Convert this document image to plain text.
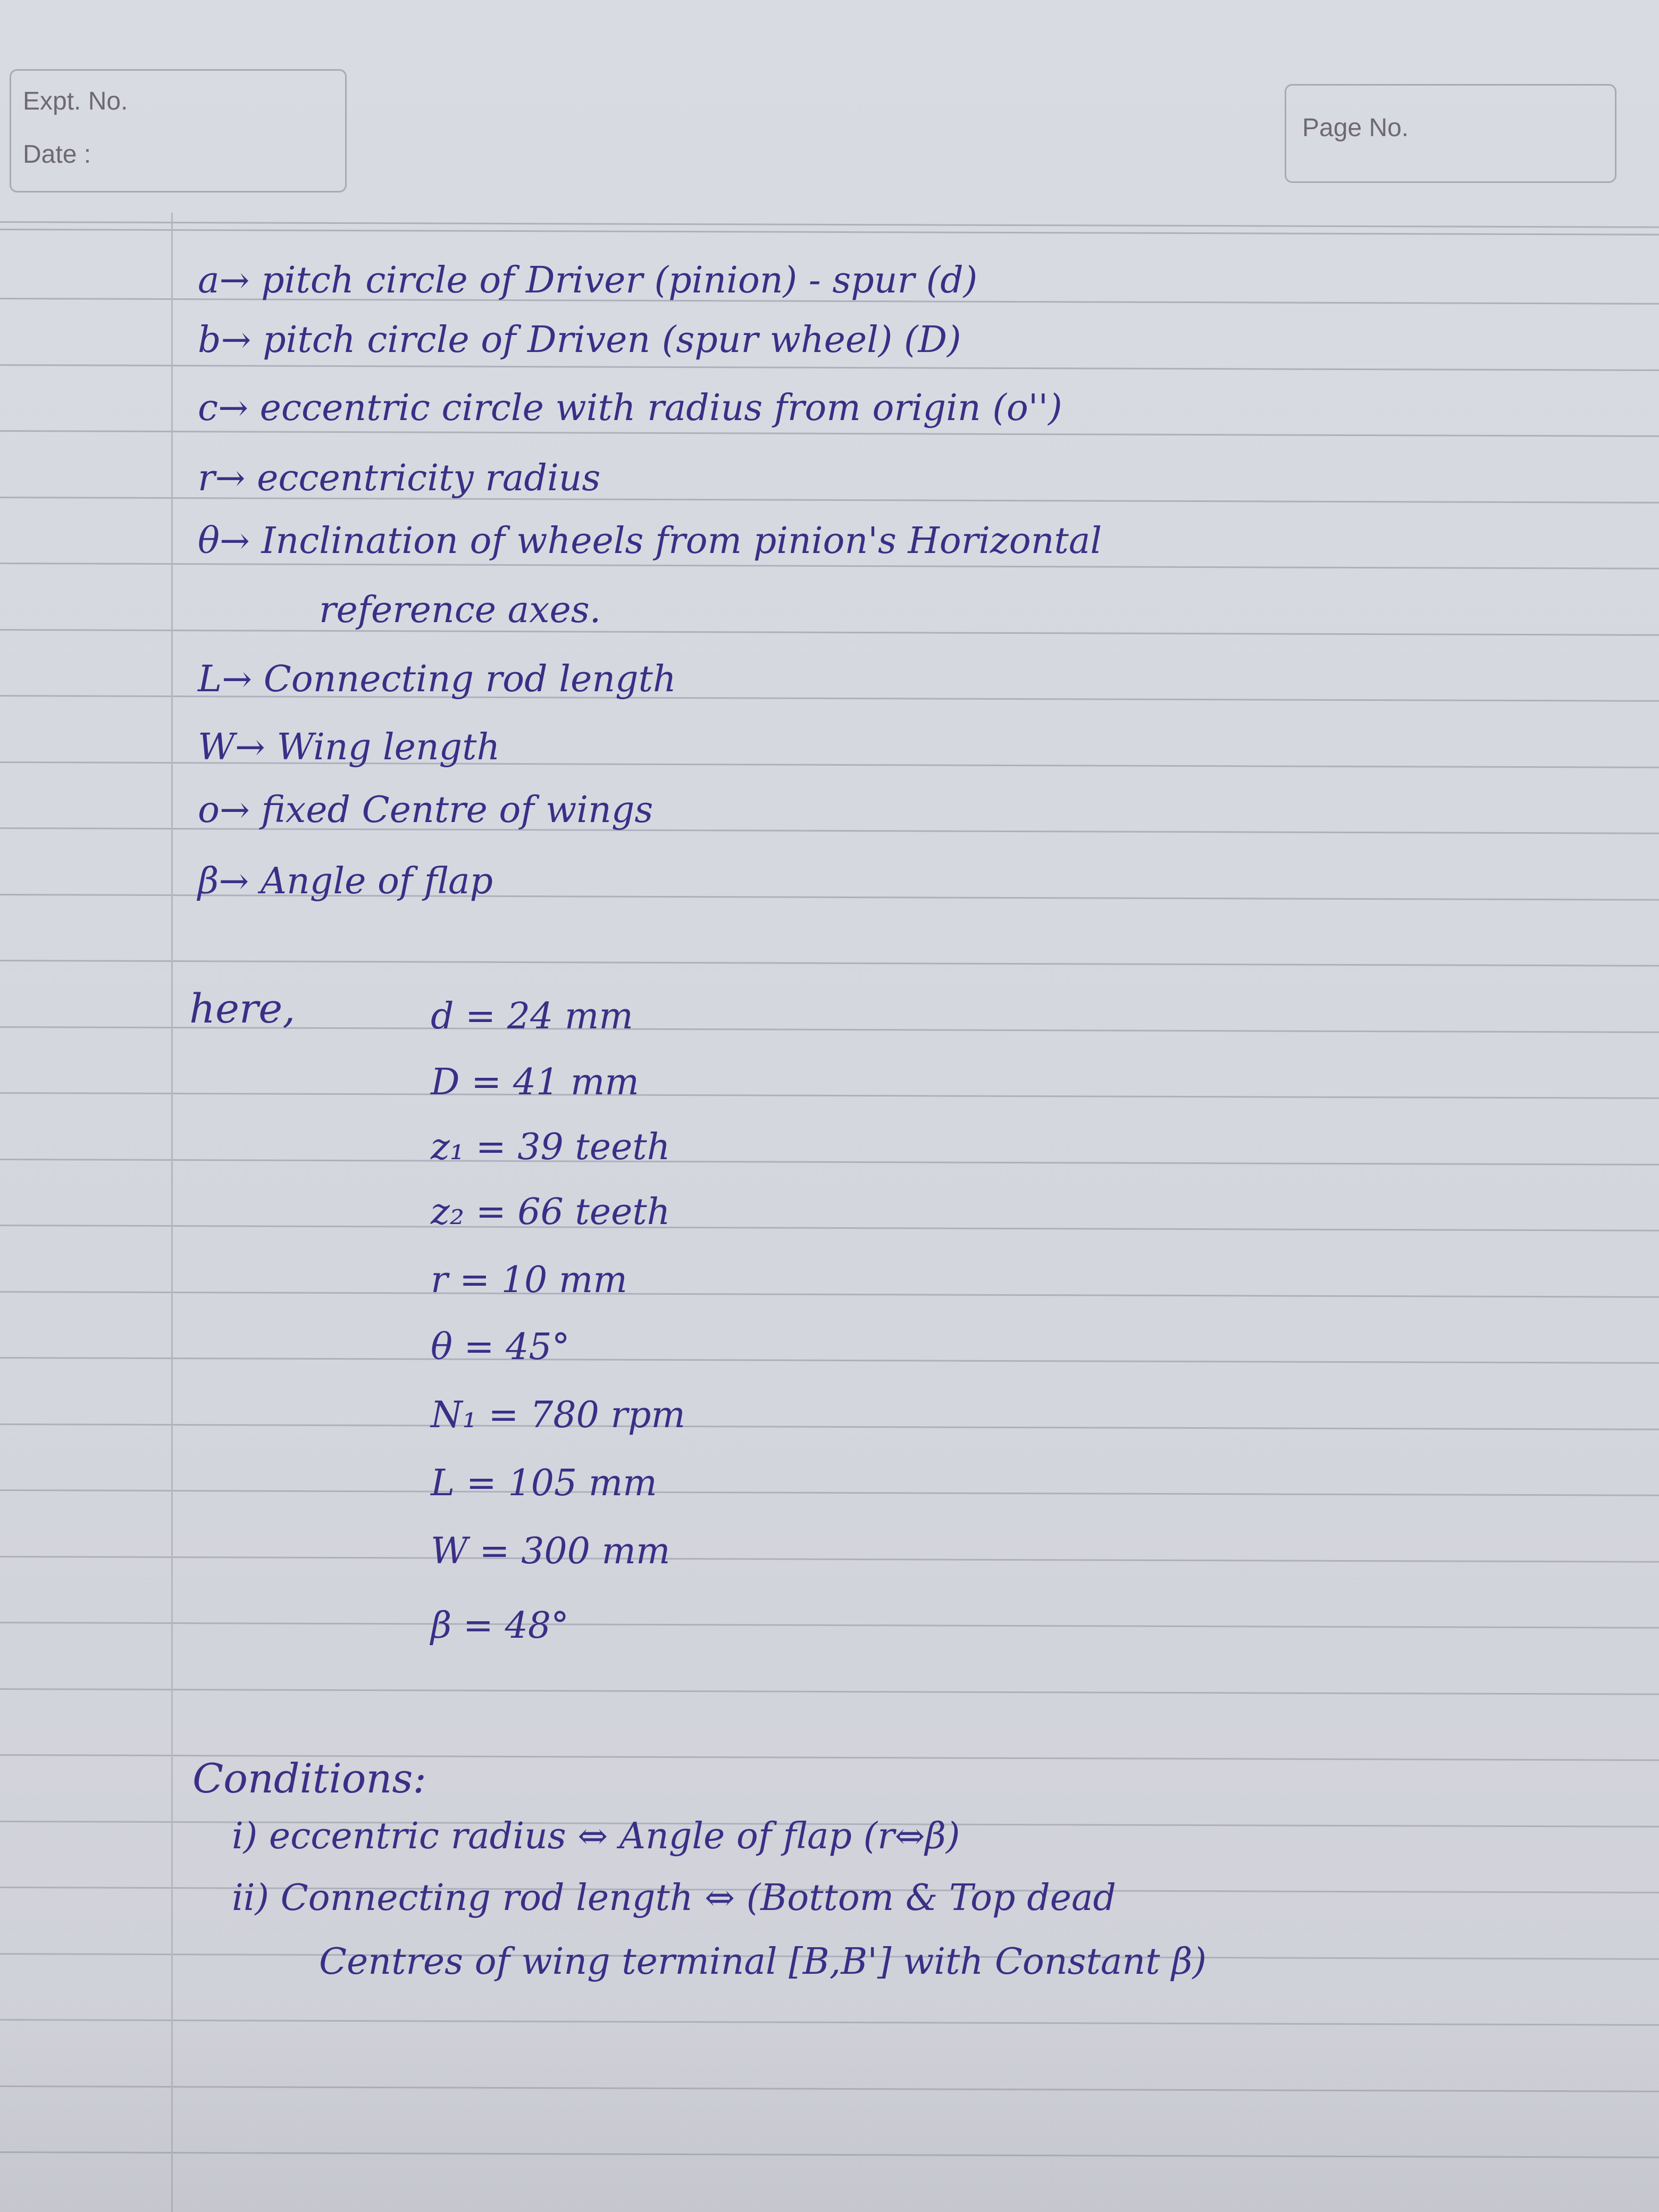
Expt. No.
Date :
Page No.
a→ pitch circle of Driver (pinion) - spur (d)
b→ pitch circle of Driven (spur wheel) (D)
c→ eccentric circle with radius from origin (o'')
r→ eccentricity radius
θ→ Inclination of wheels from pinion's Horizontal
reference axes.
L→ Connecting rod length
W→ Wing length
o→ fixed Centre of wings
β→ Angle of flap
here,	d = 24 mm
D = 41 mm
z₁ = 39 teeth
z₂ = 66 teeth
r = 10 mm
θ = 45°
N₁ = 780 rpm
L = 105 mm
W = 300 mm
β = 48°
Conditions:
i) eccentric radius ⇔ Angle of flap (r⇔β)
ii) Connecting rod length ⇔ (Bottom & Top dead
Centres of wing terminal [B,B'] with Constant β)
